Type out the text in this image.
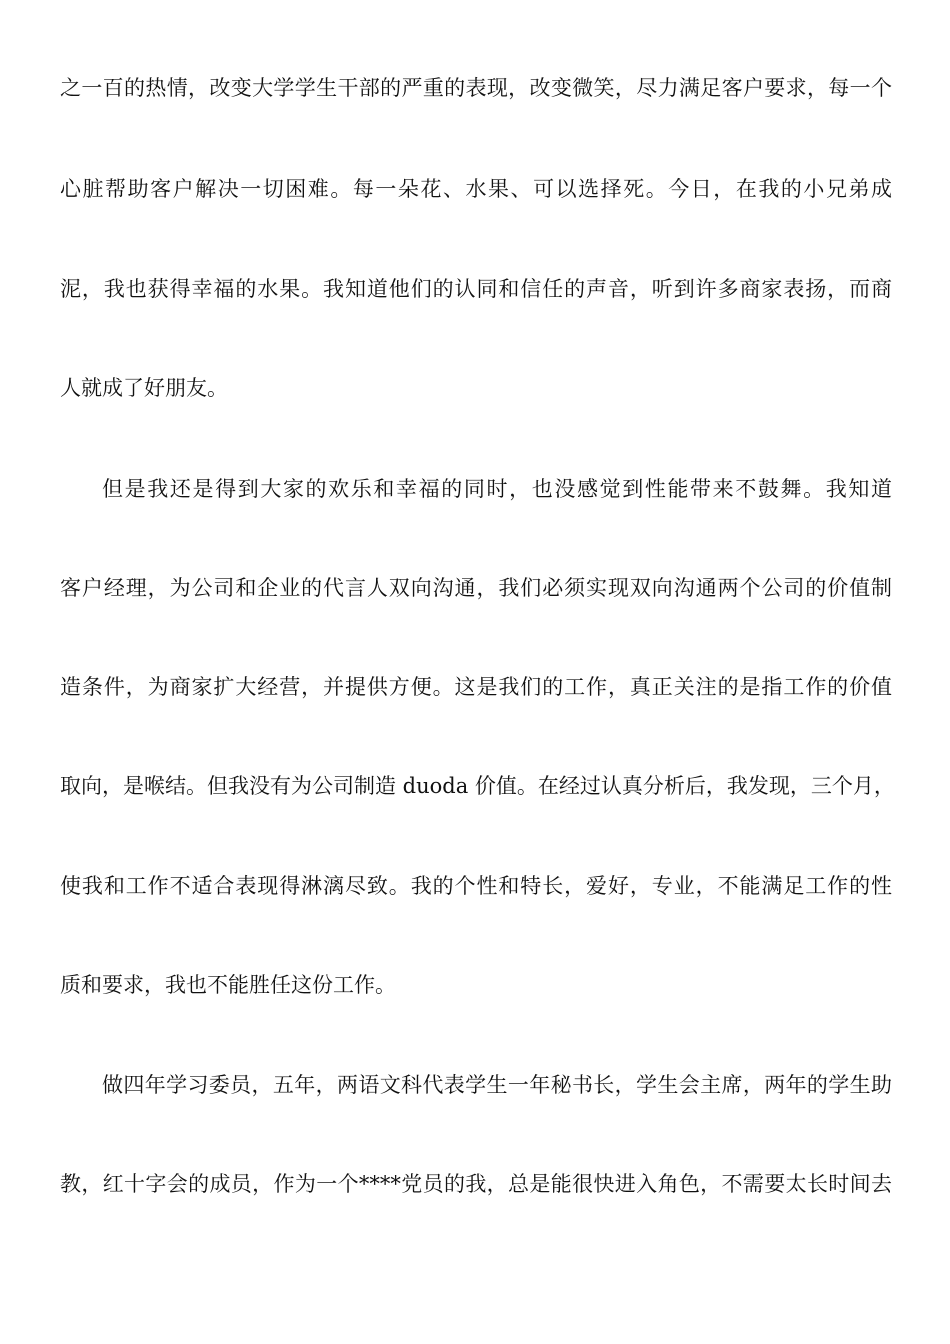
之一百的热情，改变大学学生干部的严重的表现，改变微笑，尽力满足客户要求，每一个
心脏帮助客户解决一切困难。每一朵花、水果、可以选择死。今日，在我的小兄弟成
泥，我也获得幸福的水果。我知道他们的认同和信任的声音，听到许多商家表扬，而商
人就成了好朋友。
但是我还是得到大家的欢乐和幸福的同时，也没感觉到性能带来不鼓舞。我知道
客户经理，为公司和企业的代言人双向沟通，我们必须实现双向沟通两个公司的价值制
造条件，为商家扩大经营，并提供方便。这是我们的工作，真正关注的是指工作的价值
取向，是喉结。但我没有为公司制造 duoda 价值。在经过认真分析后，我发现，三个月，
使我和工作不适合表现得淋漓尽致。我的个性和特长，爱好，专业，不能满足工作的性
质和要求，我也不能胜任这份工作。
做四年学习委员，五年，两语文科代表学生一年秘书长，学生会主席，两年的学生助
教，红十字会的成员，作为一个****党员的我，总是能很快进入角色，不需要太长时间去
